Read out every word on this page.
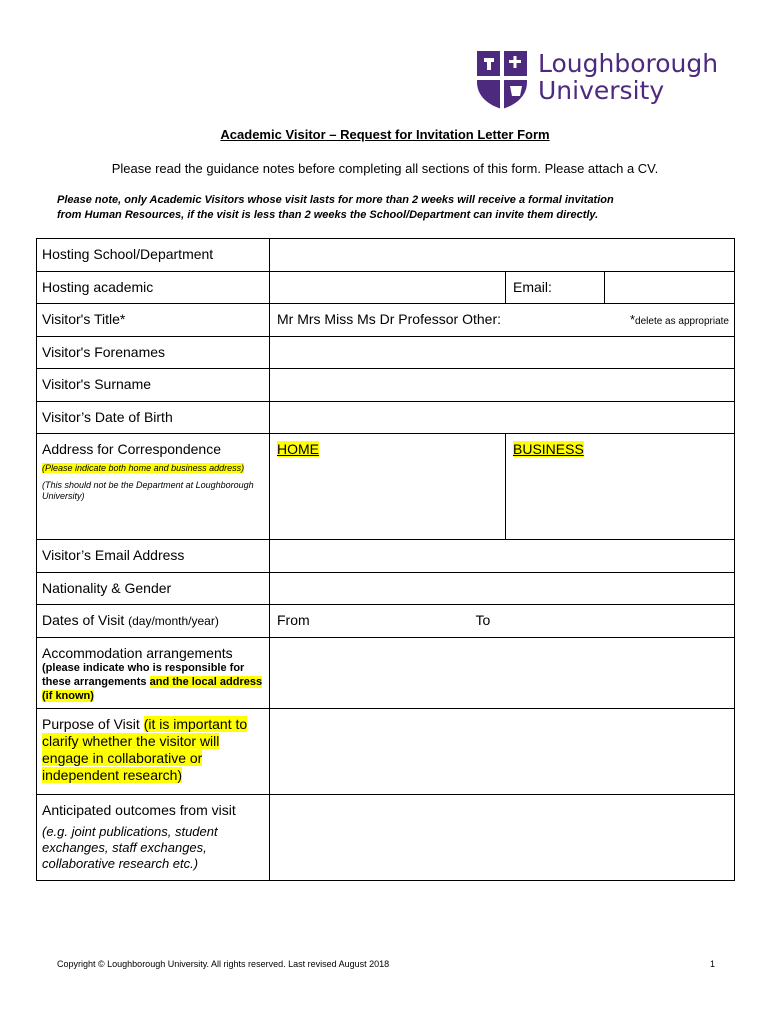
Loughborough
University
Academic Visitor – Request for Invitation Letter Form
Please read the guidance notes before completing all sections of this form. Please attach a CV.
Please note, only Academic Visitors whose visit lasts for more than 2 weeks will receive a formal invitation
from Human Resources, if the visit is less than 2 weeks the School/Department can invite them directly.
Hosting School/Department			
Hosting academic		Email:	
Visitor's Title*	Mr Mrs Miss Ms Dr Professor Other: *delete as appropriate		

Visitor's Forenames			
Visitor's Surname			
Visitor’s Date of Birth			

Address for Correspondence
(Please indicate both home and business address)
(This should not be the Department at Loughborough University)	HOME	BUSINESS	
Visitor’s Email Address			
Nationality & Gender			
Dates of Visit (day/month/year)	From To		

Accommodation arrangements
(please indicate who is responsible for these arrangements and the local address (if known)			

Purpose of Visit (it is important to clarify whether the visitor will engage in collaborative or independent research)			

Anticipated outcomes from visit
(e.g. joint publications, student exchanges, staff exchanges, collaborative research etc.)			

Copyright © Loughborough University. All rights reserved. Last revised August 2018	1
